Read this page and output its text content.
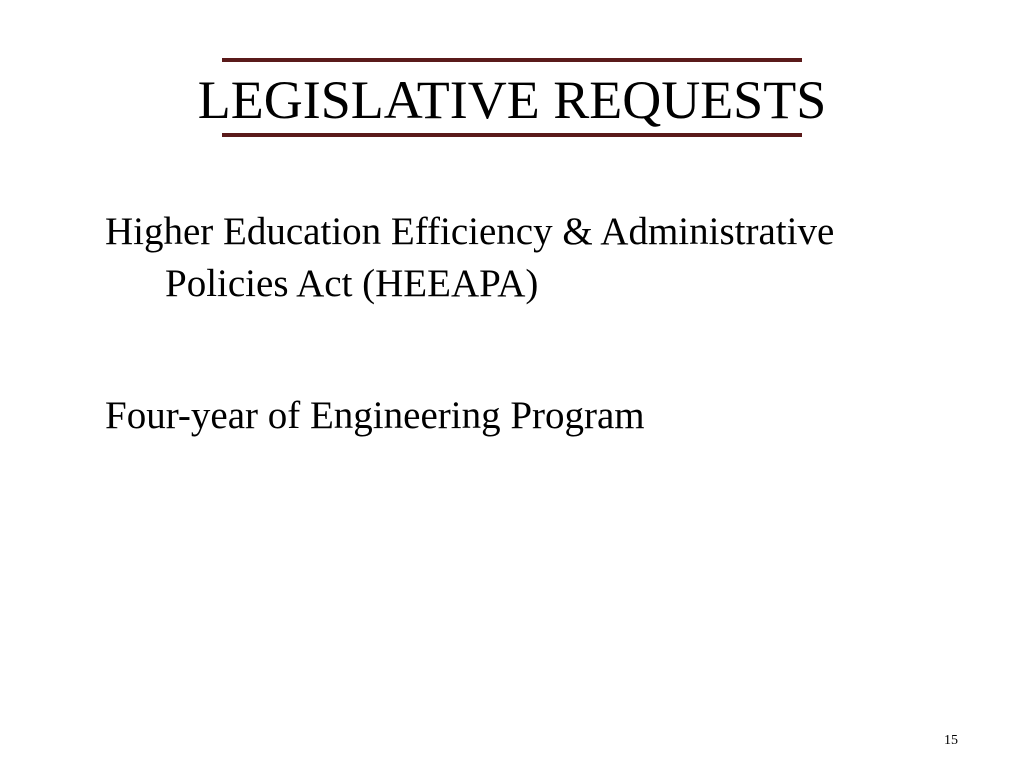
LEGISLATIVE REQUESTS
Higher Education Efficiency & Administrative
Policies Act (HEEAPA)
Four-year of Engineering Program
15
